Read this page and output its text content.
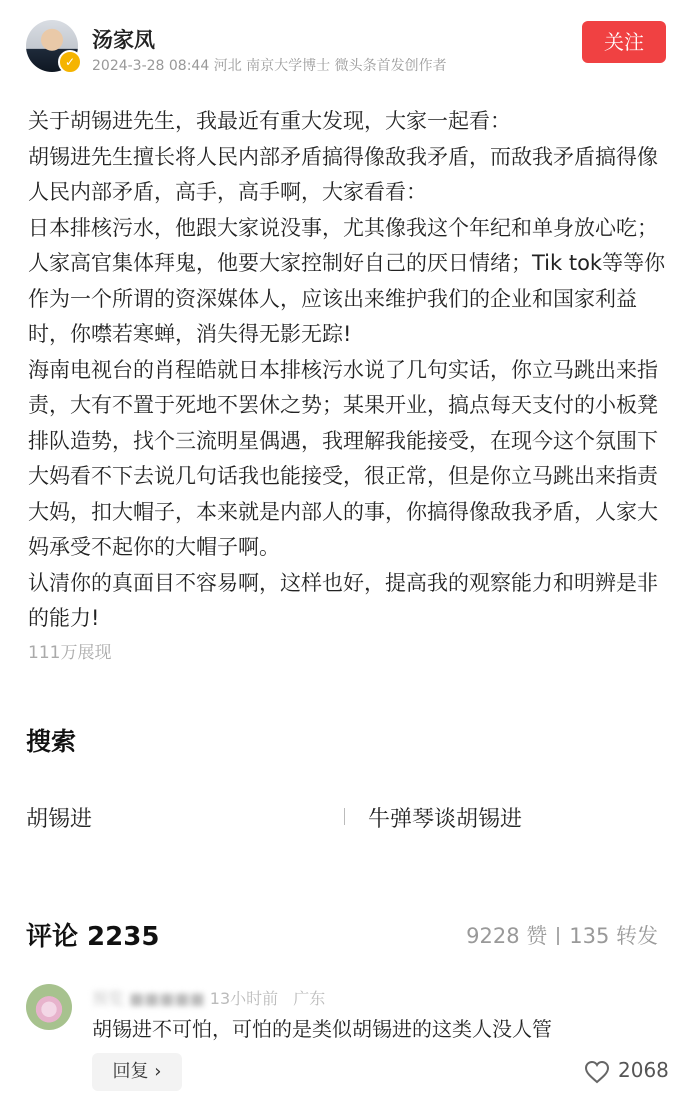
✓
汤家凤
2024-3-28 08:44 河北 南京大学博士 微头条首发创作者
关注

关于胡锡进先生，我最近有重大发现，大家一起看：

胡锡进先生擅长将人民内部矛盾搞得像敌我矛盾，而敌我矛盾搞得像人民内部矛盾，高手，高手啊，大家看看：

日本排核污水，他跟大家说没事，尤其像我这个年纪和单身放心吃；人家高官集体拜鬼，他要大家控制好自己的厌日情绪；Tik tok等等你作为一个所谓的资深媒体人，应该出来维护我们的企业和国家利益时，你噤若寒蝉，消失得无影无踪!

海南电视台的肖程皓就日本排核污水说了几句实话，你立马跳出来指责，大有不置于死地不罢休之势；某果开业，搞点每天支付的小板凳排队造势，找个三流明星偶遇，我理解我能接受，在现今这个氛围下大妈看不下去说几句话我也能接受，很正常，但是你立马跳出来指责大妈，扣大帽子，本来就是内部人的事，你搞得像敌我矛盾，人家大妈承受不起你的大帽子啊。

认清你的真面目不容易啊，这样也好，提高我的观察能力和明辨是非的能力!

111万展现
搜索
胡锡进	牛弹琴谈胡锡进
评论 2235	9228 赞 135 转发
预览 ■■■■■ 13小时前 广东
胡锡进不可怕，可怕的是类似胡锡进的这类人没人管
回复 ›	2068
